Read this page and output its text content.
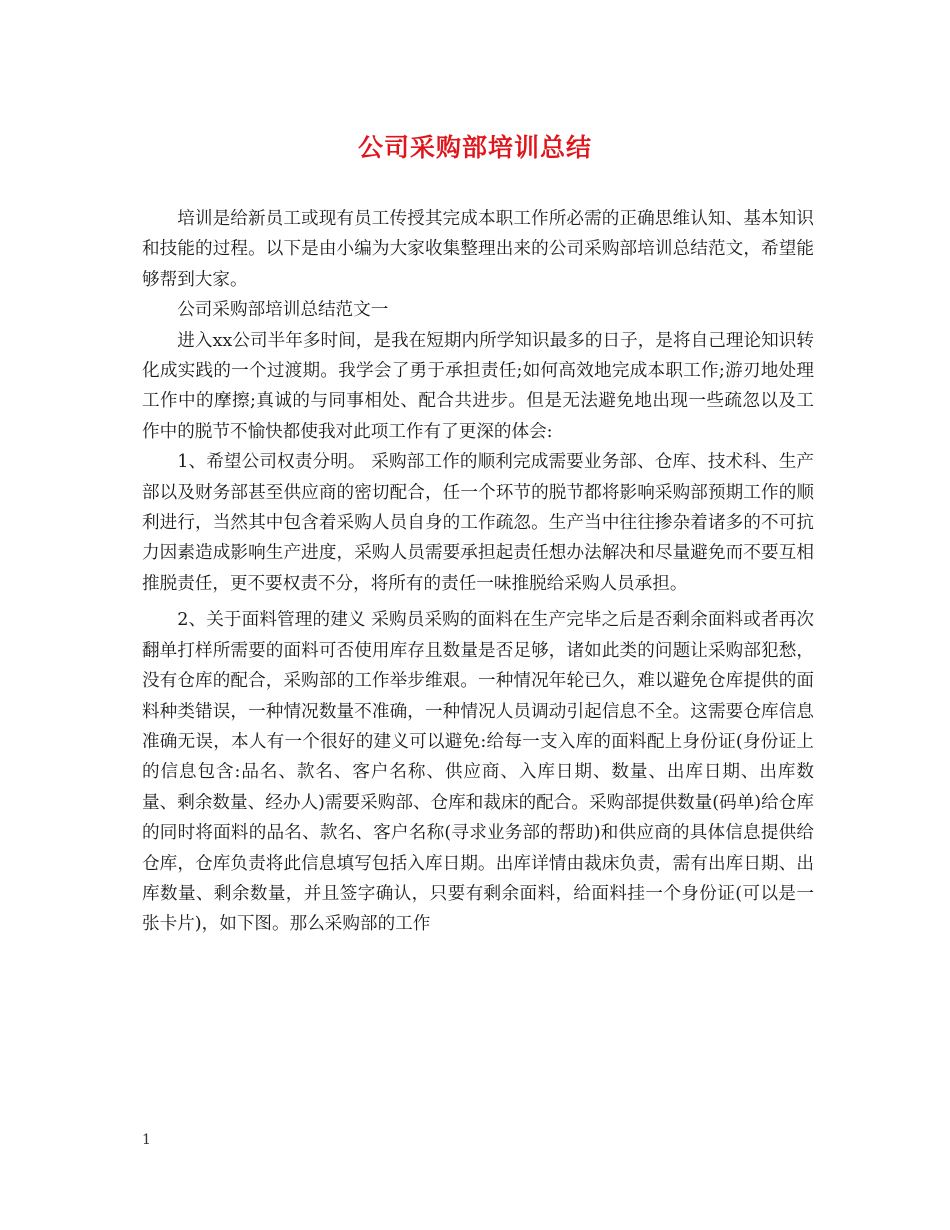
公司采购部培训总结

培训是给新员工或现有员工传授其完成本职工作所必需的正确思维认知、基本知识和技能的过程。以下是由小编为大家收集整理出来的公司采购部培训总结范文，希望能够帮到大家。

公司采购部培训总结范文一

进入xx公司半年多时间，是我在短期内所学知识最多的日子，是将自己理论知识转化成实践的一个过渡期。我学会了勇于承担责任;如何高效地完成本职工作;游刃地处理工作中的摩擦;真诚的与同事相处、配合共进步。但是无法避免地出现一些疏忽以及工作中的脱节不愉快都使我对此项工作有了更深的体会:

1、希望公司权责分明。 采购部工作的顺利完成需要业务部、仓库、技术科、生产部以及财务部甚至供应商的密切配合，任一个环节的脱节都将影响采购部预期工作的顺利进行，当然其中包含着采购人员自身的工作疏忽。生产当中往往掺杂着诸多的不可抗力因素造成影响生产进度，采购人员需要承担起责任想办法解决和尽量避免而不要互相推脱责任，更不要权责不分，将所有的责任一味推脱给采购人员承担。

2、关于面料管理的建义 采购员采购的面料在生产完毕之后是否剩余面料或者再次翻单打样所需要的面料可否使用库存且数量是否足够，诸如此类的问题让采购部犯愁，没有仓库的配合，采购部的工作举步维艰。一种情况年轮已久，难以避免仓库提供的面料种类错误，一种情况数量不准确，一种情况人员调动引起信息不全。这需要仓库信息准确无误，本人有一个很好的建义可以避免:给每一支入库的面料配上身份证(身份证上的信息包含:品名、款名、客户名称、供应商、入库日期、数量、出库日期、出库数量、剩余数量、经办人)需要采购部、仓库和裁床的配合。采购部提供数量(码单)给仓库的同时将面料的品名、款名、客户名称(寻求业务部的帮助)和供应商的具体信息提供给仓库，仓库负责将此信息填写包括入库日期。出库详情由裁床负责，需有出库日期、出库数量、剩余数量，并且签字确认，只要有剩余面料，给面料挂一个身份证(可以是一张卡片)，如下图。那么采购部的工作

1
